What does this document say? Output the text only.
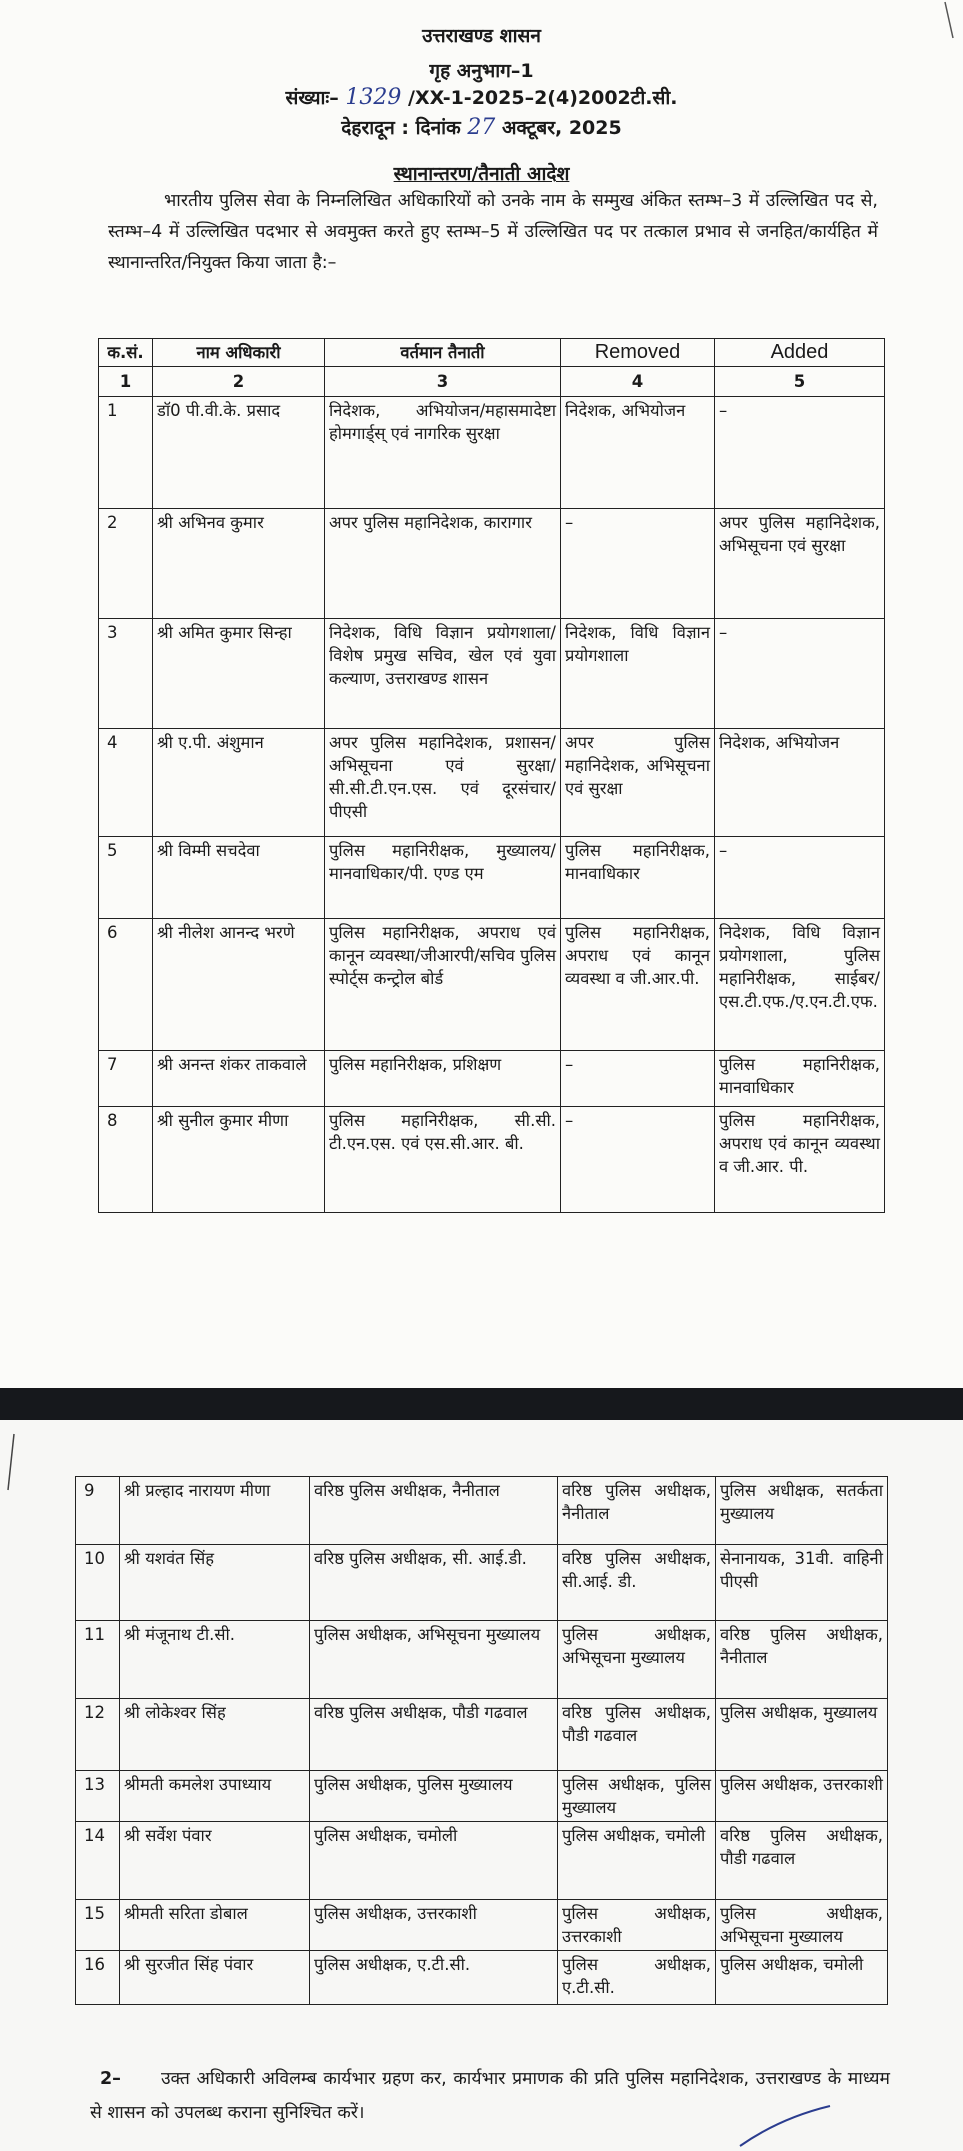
उत्तराखण्ड शासन
गृह अनुभाग–1
संख्याः– 1329 /XX-1-2025–2(4)2002टी.सी.
देहरादून : दिनांक 27 अक्टूबर, 2025
स्थानान्तरण/तैनाती आदेश
भारतीय पुलिस सेवा के निम्नलिखित अधिकारियों को उनके नाम के सम्मुख अंकित स्तम्भ–3 में उल्लिखित पद से, स्तम्भ–4 में उल्लिखित पदभार से अवमुक्त करते हुए स्तम्भ–5 में उल्लिखित पद पर तत्काल प्रभाव से जनहित/कार्यहित में स्थानान्तरित/नियुक्त किया जाता है:–
क.सं.	नाम अधिकारी	वर्तमान तैनाती	Removed	Added
1	2	3	4	5
1	डॉ0 पी.वी.के. प्रसाद	निदेशक, अभियोजन/महासमादेष्टा होमगार्ड्स् एवं नागरिक सुरक्षा	निदेशक, अभियोजन	–
2	श्री अभिनव कुमार	अपर पुलिस महानिदेशक, कारागार	–	अपर पुलिस महानिदेशक, अभिसूचना एवं सुरक्षा
3	श्री अमित कुमार सिन्हा	निदेशक, विधि विज्ञान प्रयोगशाला/विशेष प्रमुख सचिव, खेल एवं युवा कल्याण, उत्तराखण्ड शासन	निदेशक, विधि विज्ञान प्रयोगशाला	–
4	श्री ए.पी. अंशुमान	अपर पुलिस महानिदेशक, प्रशासन/अभिसूचना एवं सुरक्षा/सी.सी.टी.एन.एस. एवं दूरसंचार/पीएसी	अपर पुलिस महानिदेशक, अभिसूचना एवं सुरक्षा	निदेशक, अभियोजन
5	श्री विम्मी सचदेवा	पुलिस महानिरीक्षक, मुख्यालय/मानवाधिकार/पी. एण्ड एम	पुलिस महानिरीक्षक, मानवाधिकार	–
6	श्री नीलेश आनन्द भरणे	पुलिस महानिरीक्षक, अपराध एवं कानून व्यवस्था/जीआरपी/सचिव पुलिस स्पोर्ट्स कन्ट्रोल बोर्ड	पुलिस महानिरीक्षक, अपराध एवं कानून व्यवस्था व जी.आर.पी.	निदेशक, विधि विज्ञान प्रयोगशाला, पुलिस महानिरीक्षक, साईबर/एस.टी.एफ./ए.एन.टी.एफ.
7	श्री अनन्त शंकर ताकवाले	पुलिस महानिरीक्षक, प्रशिक्षण	–	पुलिस महानिरीक्षक, मानवाधिकार
8	श्री सुनील कुमार मीणा	पुलिस महानिरीक्षक, सी.सी. टी.एन.एस. एवं एस.सी.आर. बी.	–	पुलिस महानिरीक्षक, अपराध एवं कानून व्यवस्था व जी.आर. पी.
9	श्री प्रल्हाद नारायण मीणा	वरिष्ठ पुलिस अधीक्षक, नैनीताल	वरिष्ठ पुलिस अधीक्षक, नैनीताल	पुलिस अधीक्षक, सतर्कता मुख्यालय
10	श्री यशवंत सिंह	वरिष्ठ पुलिस अधीक्षक, सी. आई.डी.	वरिष्ठ पुलिस अधीक्षक, सी.आई. डी.	सेनानायक, 31वी. वाहिनी पीएसी
11	श्री मंजूनाथ टी.सी.	पुलिस अधीक्षक, अभिसूचना मुख्यालय	पुलिस अधीक्षक, अभिसूचना मुख्यालय	वरिष्ठ पुलिस अधीक्षक, नैनीताल
12	श्री लोकेश्वर सिंह	वरिष्ठ पुलिस अधीक्षक, पौडी गढवाल	वरिष्ठ पुलिस अधीक्षक, पौडी गढवाल	पुलिस अधीक्षक, मुख्यालय
13	श्रीमती कमलेश उपाध्याय	पुलिस अधीक्षक, पुलिस मुख्यालय	पुलिस अधीक्षक, पुलिस मुख्यालय	पुलिस अधीक्षक, उत्तरकाशी
14	श्री सर्वेश पंवार	पुलिस अधीक्षक, चमोली	पुलिस अधीक्षक, चमोली	वरिष्ठ पुलिस अधीक्षक, पौडी गढवाल
15	श्रीमती सरिता डोबाल	पुलिस अधीक्षक, उत्तरकाशी	पुलिस अधीक्षक, उत्तरकाशी	पुलिस अधीक्षक, अभिसूचना मुख्यालय
16	श्री सुरजीत सिंह पंवार	पुलिस अधीक्षक, ए.टी.सी.	पुलिस अधीक्षक, ए.टी.सी.	पुलिस अधीक्षक, चमोली
2– उक्त अधिकारी अविलम्ब कार्यभार ग्रहण कर, कार्यभार प्रमाणक की प्रति पुलिस महानिदेशक, उत्तराखण्ड के माध्यम से शासन को उपलब्ध कराना सुनिश्चित करें।
